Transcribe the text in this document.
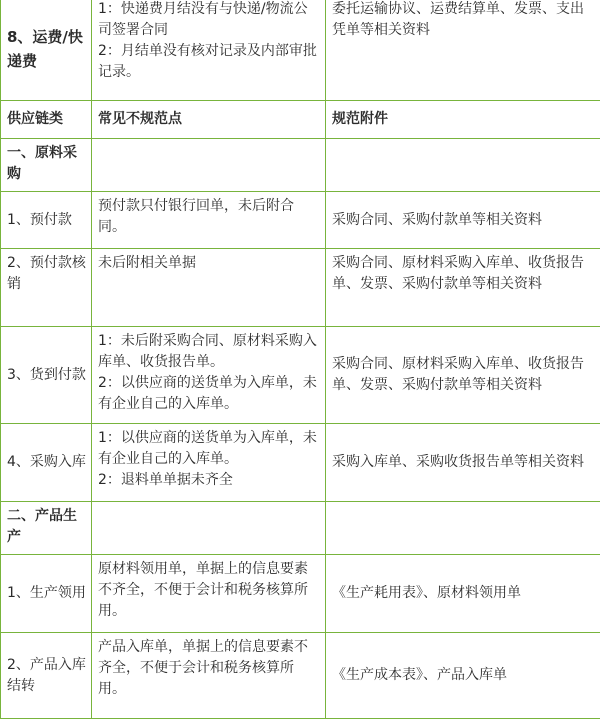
8、运费/快递费	1：快递费月结没有与快递/物流公司签署合同
2：月结单没有核对记录及内部审批记录。	委托运输协议、运费结算单、发票、支出凭单等相关资料
供应链类	常见不规范点	规范附件
一、原料采购		
1、预付款	预付款只付银行回单，未后附合同。	采购合同、采购付款单等相关资料
2、预付款核销	未后附相关单据	采购合同、原材料采购入库单、收货报告单、发票、采购付款单等相关资料
3、货到付款	1：未后附采购合同、原材料采购入库单、收货报告单。
2：以供应商的送货单为入库单，未有企业自己的入库单。	采购合同、原材料采购入库单、收货报告单、发票、采购付款单等相关资料
4、采购入库	1：以供应商的送货单为入库单，未有企业自己的入库单。
2：退料单单据未齐全	采购入库单、采购收货报告单等相关资料
二、产品生产		
1、生产领用	原材料领用单，单据上的信息要素不齐全，不便于会计和税务核算所用。	《生产耗用表》、原材料领用单
2、产品入库结转	产品入库单，单据上的信息要素不齐全，不便于会计和税务核算所用。	《生产成本表》、产品入库单
